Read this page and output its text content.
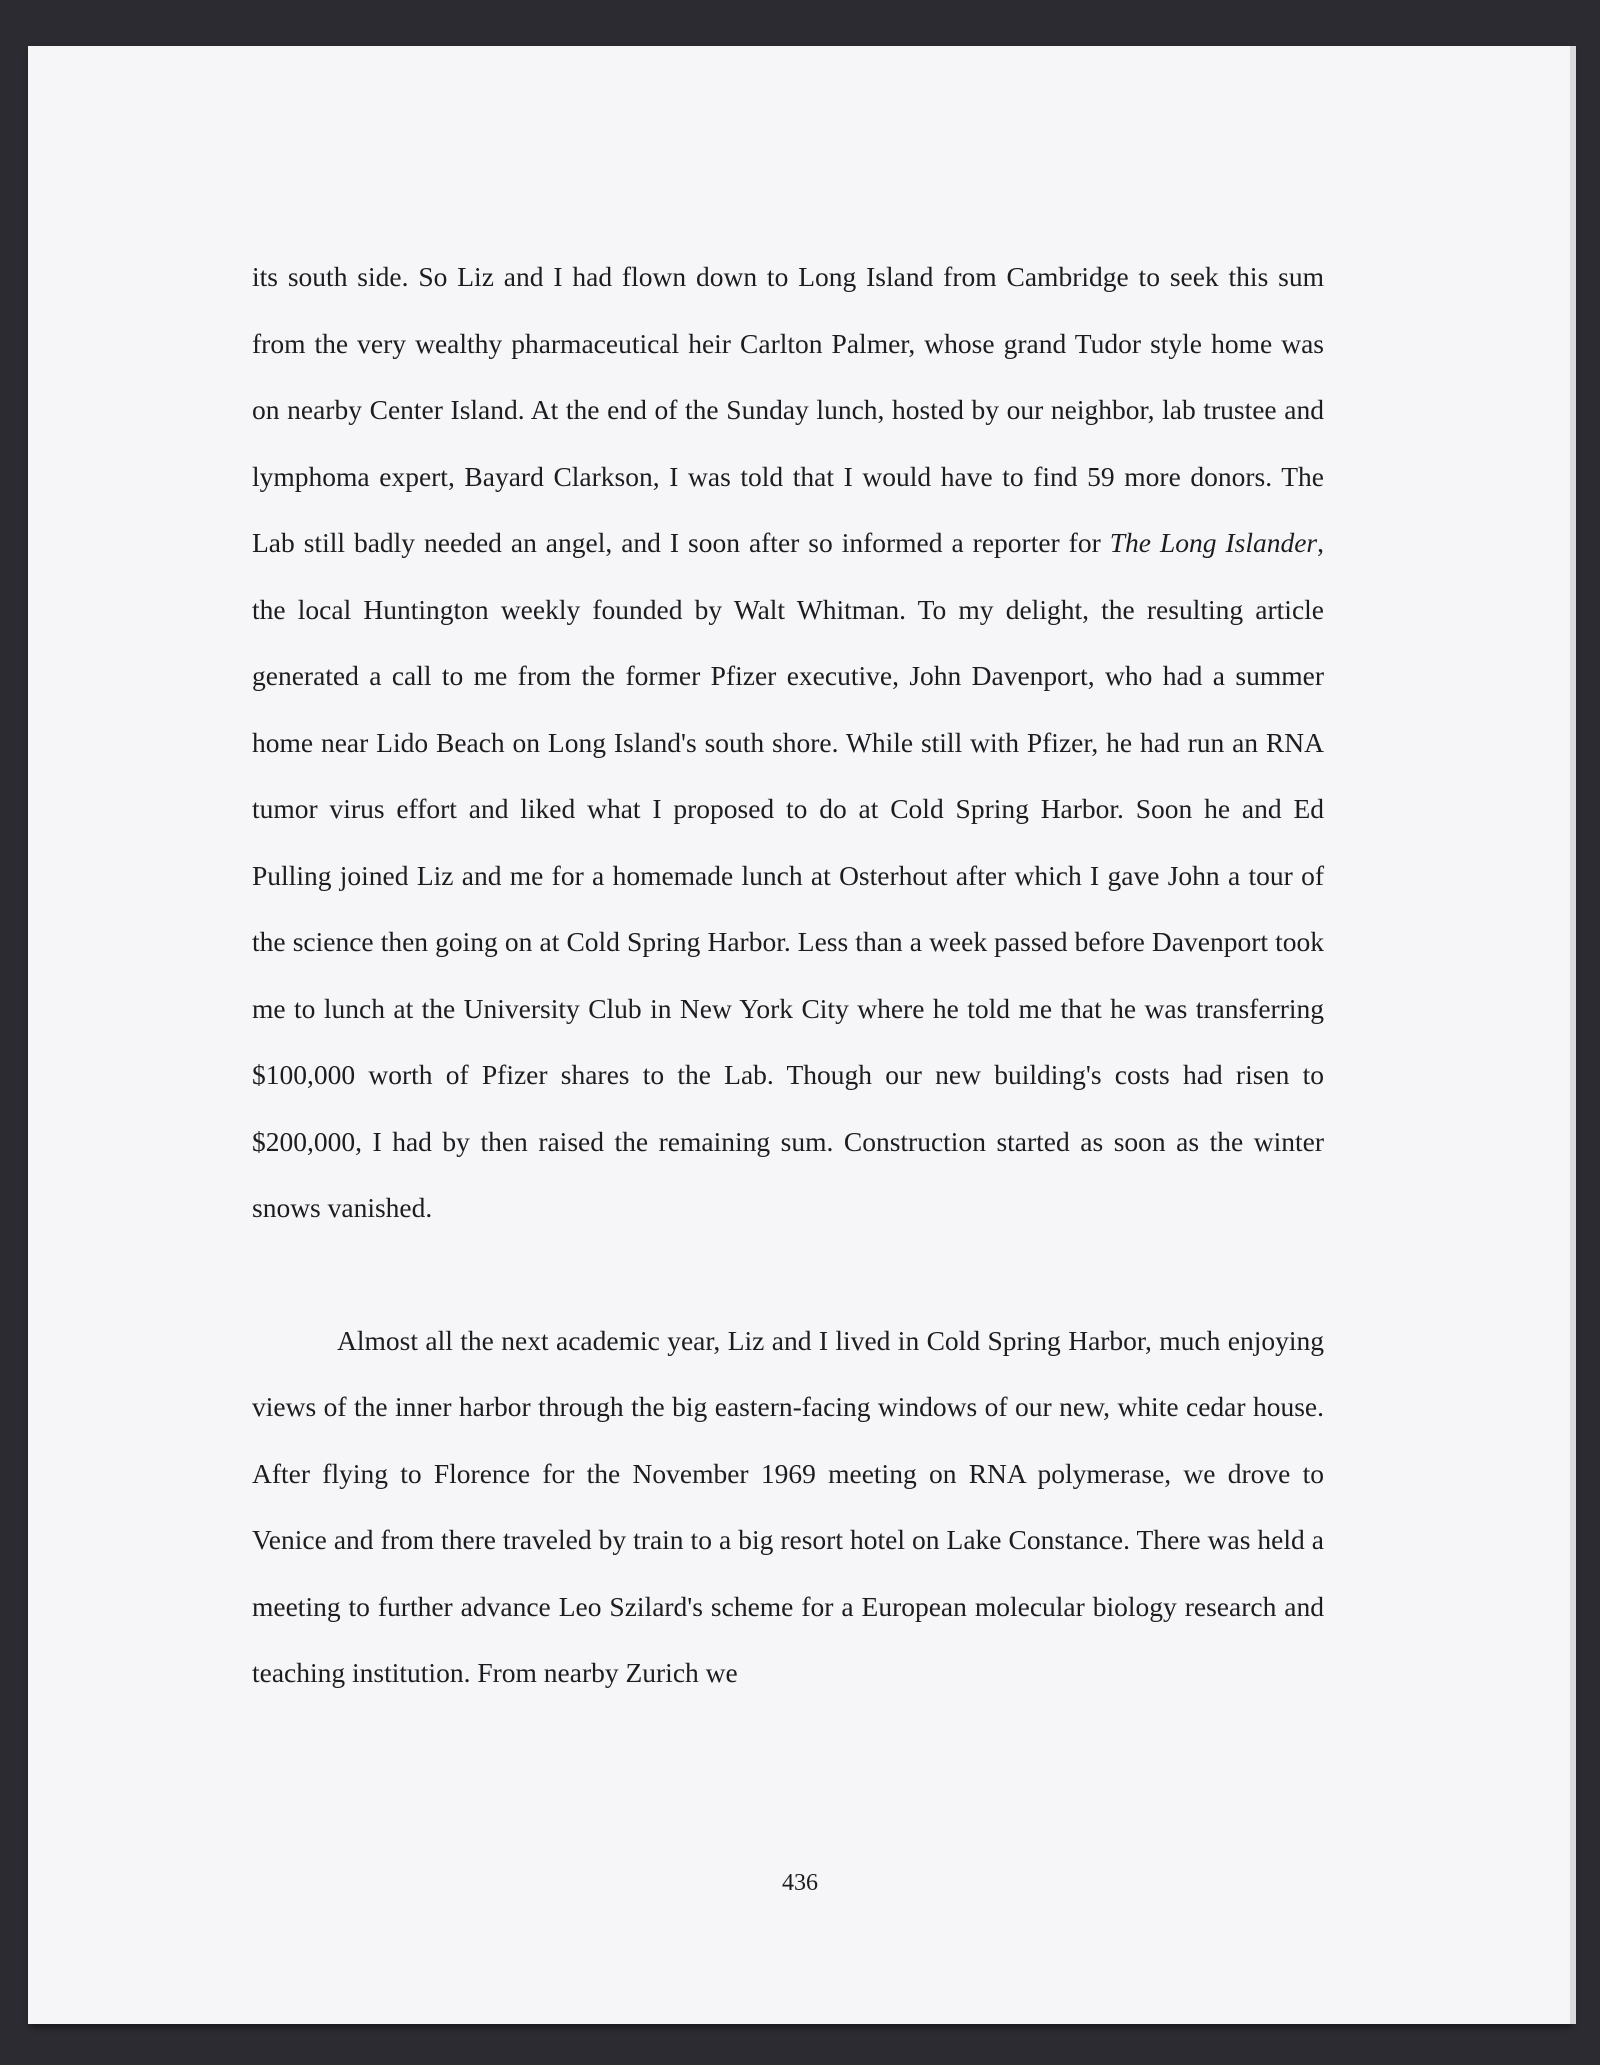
its south side. So Liz and I had flown down to Long Island from Cambridge to seek this sum from the very wealthy pharmaceutical heir Carlton Palmer, whose grand Tudor style home was on nearby Center Island. At the end of the Sunday lunch, hosted by our neighbor, lab trustee and lymphoma expert, Bayard Clarkson, I was told that I would have to find 59 more donors. The Lab still badly needed an angel, and I soon after so informed a reporter for The Long Islander, the local Huntington weekly founded by Walt Whitman. To my delight, the resulting article generated a call to me from the former Pfizer executive, John Davenport, who had a summer home near Lido Beach on Long Island's south shore. While still with Pfizer, he had run an RNA tumor virus effort and liked what I proposed to do at Cold Spring Harbor. Soon he and Ed Pulling joined Liz and me for a homemade lunch at Osterhout after which I gave John a tour of the science then going on at Cold Spring Harbor. Less than a week passed before Davenport took me to lunch at the University Club in New York City where he told me that he was transferring $100,000 worth of Pfizer shares to the Lab. Though our new building's costs had risen to $200,000, I had by then raised the remaining sum. Construction started as soon as the winter snows vanished.

Almost all the next academic year, Liz and I lived in Cold Spring Harbor, much enjoying views of the inner harbor through the big eastern-facing windows of our new, white cedar house. After flying to Florence for the November 1969 meeting on RNA polymerase, we drove to Venice and from there traveled by train to a big resort hotel on Lake Constance. There was held a meeting to further advance Leo Szilard's scheme for a European molecular biology research and teaching institution. From nearby Zurich we

436
